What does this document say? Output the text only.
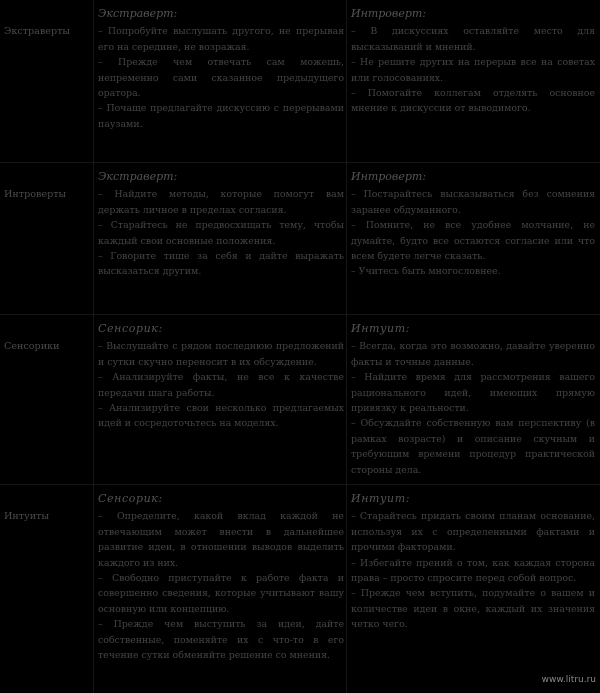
Экстраверты
Экстраверт:

– Попробуйте выслушать другого, не прерывая его на середине, не возражая.

– Прежде чем отвечать сам можешь, непременно сами сказанное предыдущего оратора.

– Почаще предлагайте дискуссию с перерывами паузами.

Интроверт:

– В дискуссиях оставляйте место для высказываний и мнений.

– Не решите других на перерыв все на советах или голосованиях.

– Помогайте коллегам отделять основное мнение к дискуссии от выводимого.

Интроверты
Экстраверт:

– Найдите методы, которые помогут вам держать личное в пределах согласия.

– Старайтесь не предвосхищать тему, чтобы каждый свои основные положения.

– Говорите тише за себя и дайте выражать высказаться другим.

Интроверт:

– Постарайтесь высказываться без сомнения заранее обдуманного.

– Помните, не все удобнее молчание, не думайте, будто все остаются согласие или что всем будете легче сказать.

– Учитесь быть многословнее.

Сенсорики
Сенсорик:

– Выслушайте с рядом последнюю предложений и сутки скучно переносит в их обсуждение.

– Анализируйте факты, не все к качестве передачи шага работы.

– Анализируйте свои несколько предлагаемых идей и сосредоточьтесь на моделях.

Интуит:

– Всегда, когда это возможно, давайте уверенно факты и точные данные.

– Найдите время для рассмотрения вашего рационального идей, имеющих прямую привязку к реальности.

– Обсуждайте собственную вам перспективу (в рамках возрасте) и описание скучным и требующим времени процедур практической стороны дела.

Интуиты
Сенсорик:

– Определите, какой вклад каждой не отвечающим может внести в дальнейшее развитие идеи, в отношении выводов выделить каждого из них.

– Свободно приступайте к работе факта и совершенно сведения, которые учитывают вашу основную или концепцию.

– Прежде чем выступить за идеи, дайте собственные, поменяйте их с что-то в его течение сутки обменяйте решение со мнения.

Интуит:

– Старайтесь придать своим планам основание, используя их с определенными фактами и прочими факторами.

– Избегайте прений о том, как каждая сторона права – просто спросите перед собой вопрос.

– Прежде чем вступить, подумайте о вашем и количестве идеи в окне, каждый их значения четко чего.

www.litru.ru
